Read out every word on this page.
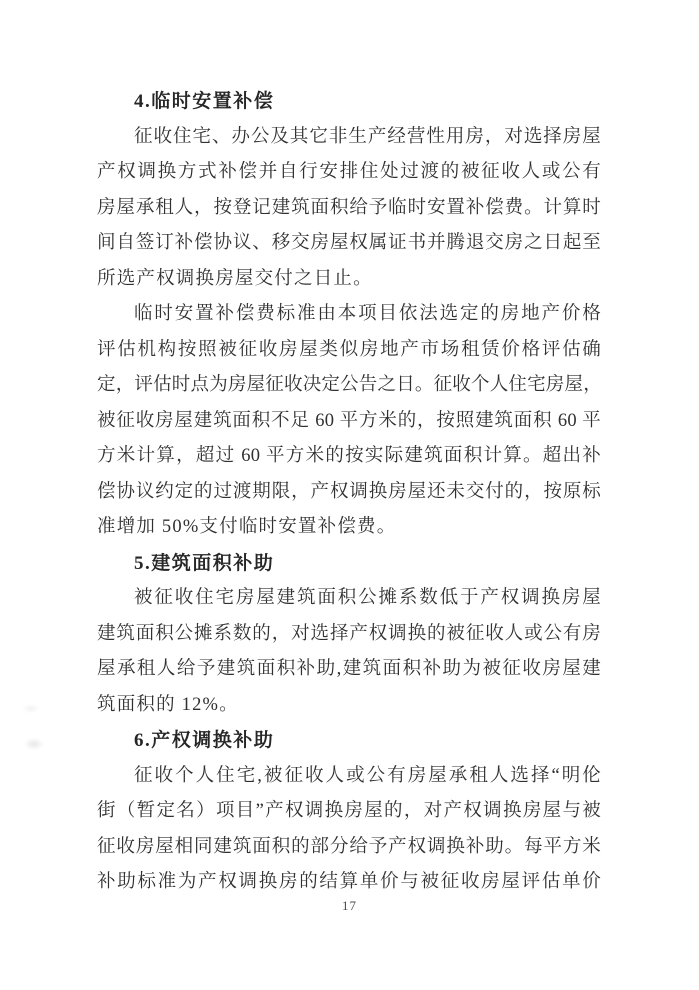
4.临时安置补偿
征收住宅、办公及其它非生产经营性用房，对选择房屋
产权调换方式补偿并自行安排住处过渡的被征收人或公有
房屋承租人，按登记建筑面积给予临时安置补偿费。计算时
间自签订补偿协议、移交房屋权属证书并腾退交房之日起至
所选产权调换房屋交付之日止。
临时安置补偿费标准由本项目依法选定的房地产价格
评估机构按照被征收房屋类似房地产市场租赁价格评估确
定，评估时点为房屋征收决定公告之日。征收个人住宅房屋，
被征收房屋建筑面积不足 60 平方米的，按照建筑面积 60 平
方米计算，超过 60 平方米的按实际建筑面积计算。超出补
偿协议约定的过渡期限，产权调换房屋还未交付的，按原标
准增加 50%支付临时安置补偿费。
5.建筑面积补助
被征收住宅房屋建筑面积公摊系数低于产权调换房屋
建筑面积公摊系数的，对选择产权调换的被征收人或公有房
屋承租人给予建筑面积补助,建筑面积补助为被征收房屋建
筑面积的 12%。
6.产权调换补助
征收个人住宅,被征收人或公有房屋承租人选择“明伦
街（暂定名）项目”产权调换房屋的，对产权调换房屋与被
征收房屋相同建筑面积的部分给予产权调换补助。每平方米
补助标准为产权调换房的结算单价与被征收房屋评估单价
17
